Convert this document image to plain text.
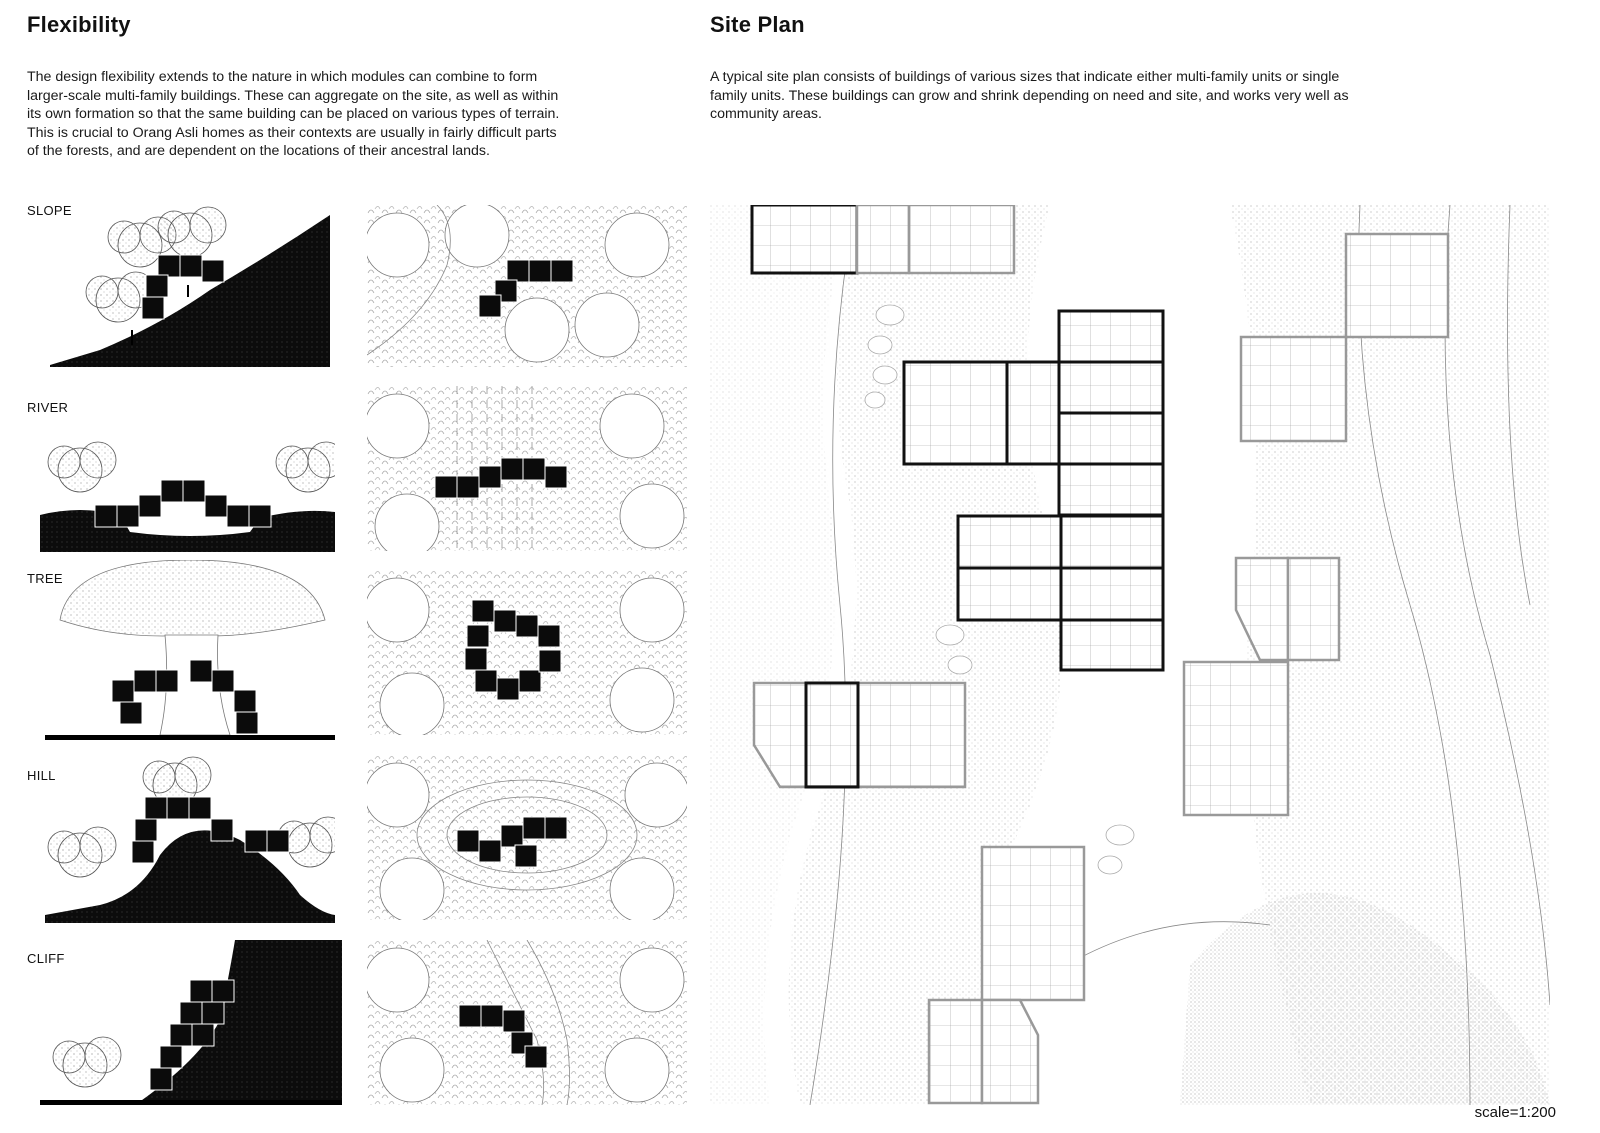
Flexibility
The design flexibility extends to the nature in which modules can combine to form
larger-scale multi-family buildings. These can aggregate on the site, as well as within
its own formation so that the same building can be placed on various types of terrain.
This is crucial to Orang Asli homes as their contexts are usually in fairly difficult parts
of the forests, and are dependent on the locations of their ancestral lands.
SLOPE
RIVER
TREE
HILL
CLIFF
Site Plan
A typical site plan consists of buildings of various sizes that indicate either multi-family units or single
family units. These buildings can grow and shrink depending on need and site, and works very well as
community areas.
scale=1:200
